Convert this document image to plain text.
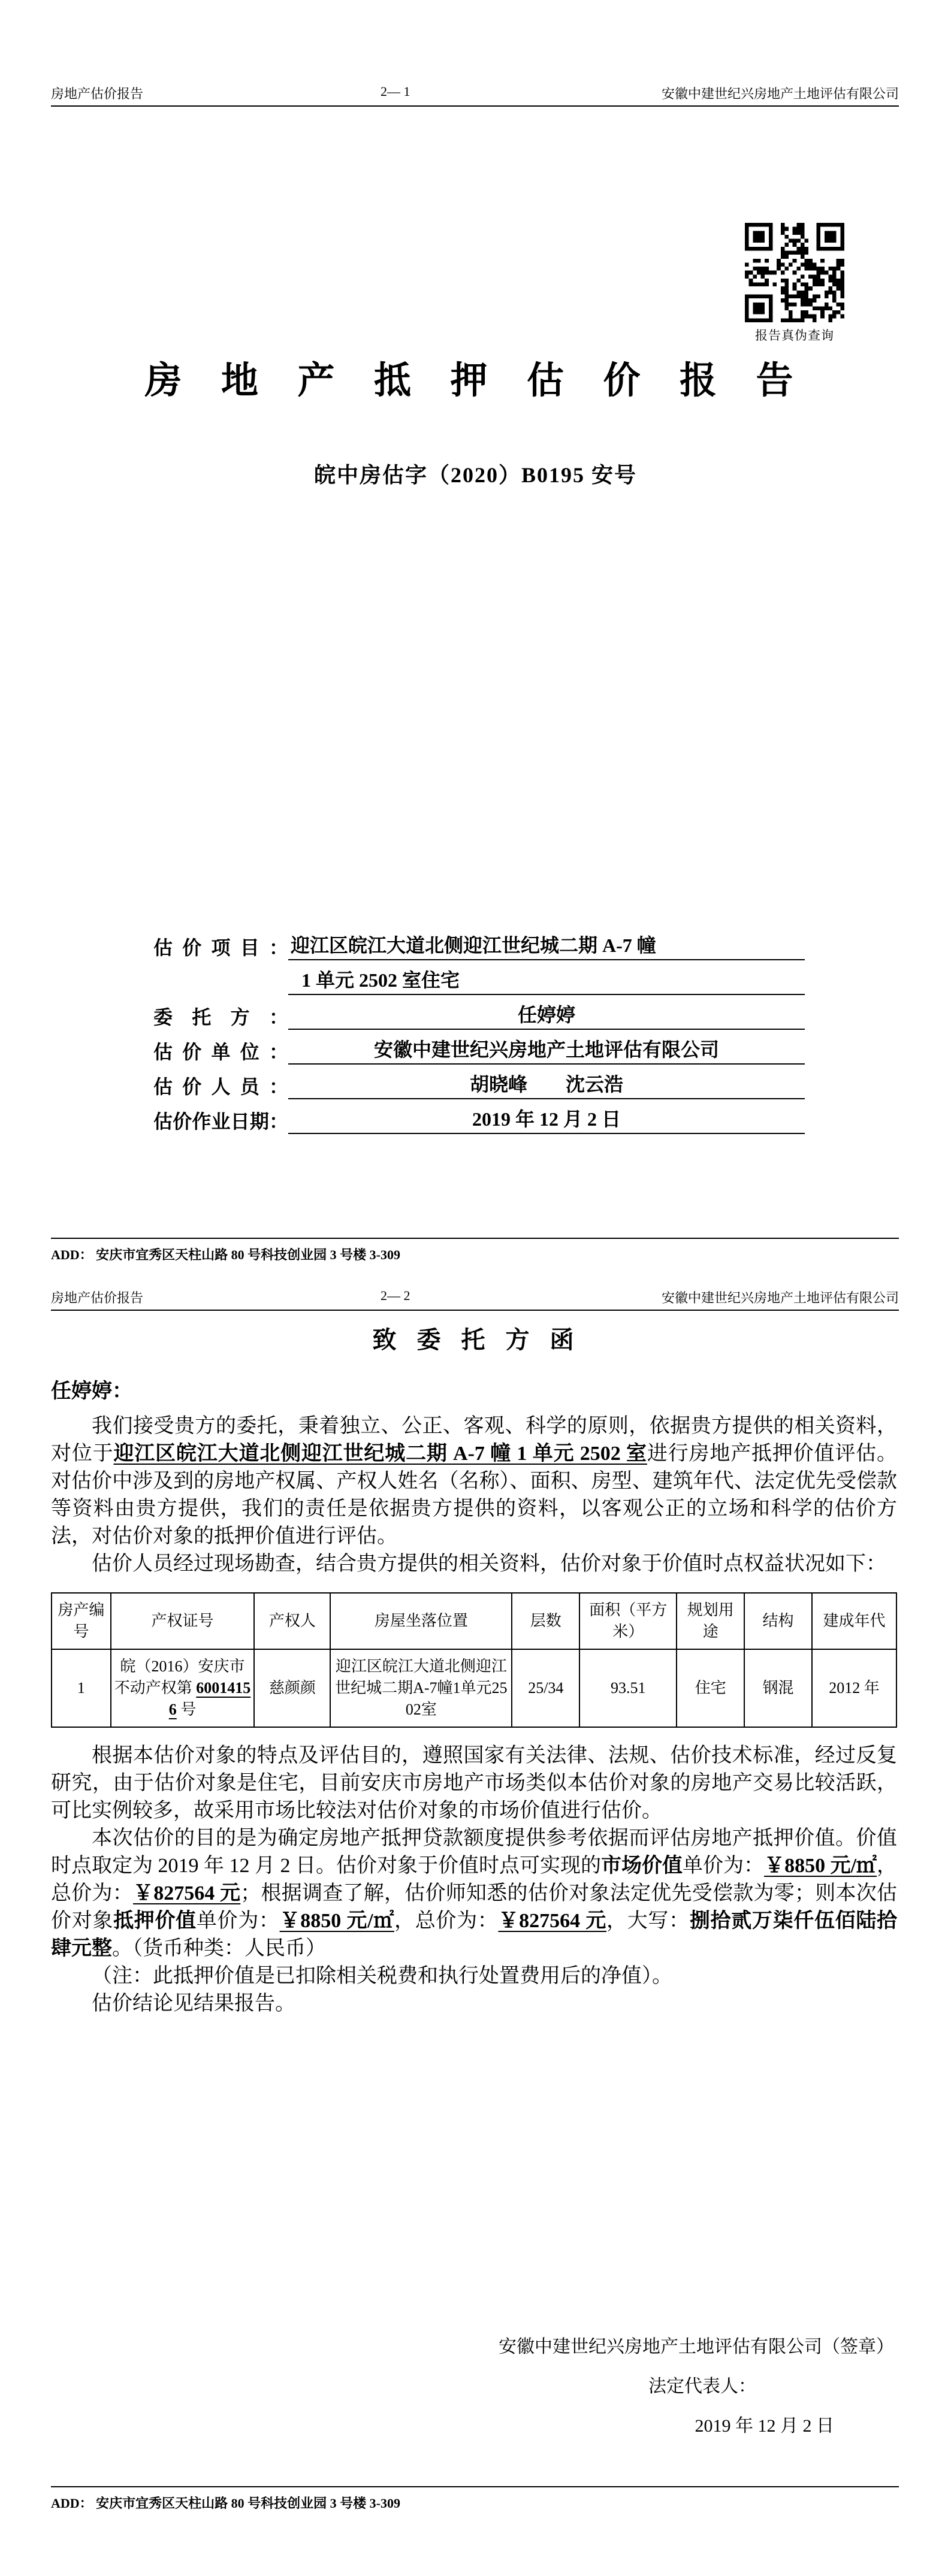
房地产估价报告	2— 1	安徽中建世纪兴房地产土地评估有限公司
报告真伪查询
房 地 产 抵 押 估 价 报 告
皖中房估字（2020）B0195 安号
估 价 项 目 ： 迎江区皖江大道北侧迎江世纪城二期 A-7 幢
1 单元 2502 室住宅
委 托 方 ：	任婷婷
估 价 单 位 ：	安徽中建世纪兴房地产土地评估有限公司
估 价 人 员 ：	胡晓峰　　沈云浩
估价作业日期：	2019 年 12 月 2 日
ADD： 安庆市宜秀区天柱山路 80 号科技创业园 3 号楼 3-309
房地产估价报告	2— 2	安徽中建世纪兴房地产土地评估有限公司
致 委 托 方 函
任婷婷：

我们接受贵方的委托，秉着独立、公正、客观、科学的原则，依据贵方提供的相关资料，对位于迎江区皖江大道北侧迎江世纪城二期 A-7 幢 1 单元 2502 室进行房地产抵押价值评估。对估价中涉及到的房地产权属、产权人姓名（名称）、面积、房型、建筑年代、法定优先受偿款等资料由贵方提供，我们的责任是依据贵方提供的资料，以客观公正的立场和科学的估价方法，对估价对象的抵押价值进行评估。

估价人员经过现场勘查，结合贵方提供的相关资料，估价对象于价值时点权益状况如下：

房产编号	产权证号	产权人	房屋坐落位置	层数	面积（平方米）	规划用途	结构	建成年代
1	皖（2016）安庆市不动产权第 60014156 号	慈颜颜	迎江区皖江大道北侧迎江世纪城二期A-7幢1单元2502室	25/34	93.51	住宅	钢混	2012 年

根据本估价对象的特点及评估目的，遵照国家有关法律、法规、估价技术标准，经过反复研究，由于估价对象是住宅，目前安庆市房地产市场类似本估价对象的房地产交易比较活跃，可比实例较多，故采用市场比较法对估价对象的市场价值进行估价。

本次估价的目的是为确定房地产抵押贷款额度提供参考依据而评估房地产抵押价值。价值时点取定为 2019 年 12 月 2 日。估价对象于价值时点可实现的市场价值单价为：￥8850 元/㎡，总价为：￥827564 元；根据调查了解，估价师知悉的估价对象法定优先受偿款为零；则本次估价对象抵押价值单价为：￥8850 元/㎡，总价为：￥827564 元，大写：捌拾贰万柒仟伍佰陆拾肆元整。（货币种类：人民币）

（注：此抵押价值是已扣除相关税费和执行处置费用后的净值）。

估价结论见结果报告。

安徽中建世纪兴房地产土地评估有限公司（签章）
法定代表人：
2019 年 12 月 2 日
ADD： 安庆市宜秀区天柱山路 80 号科技创业园 3 号楼 3-309
